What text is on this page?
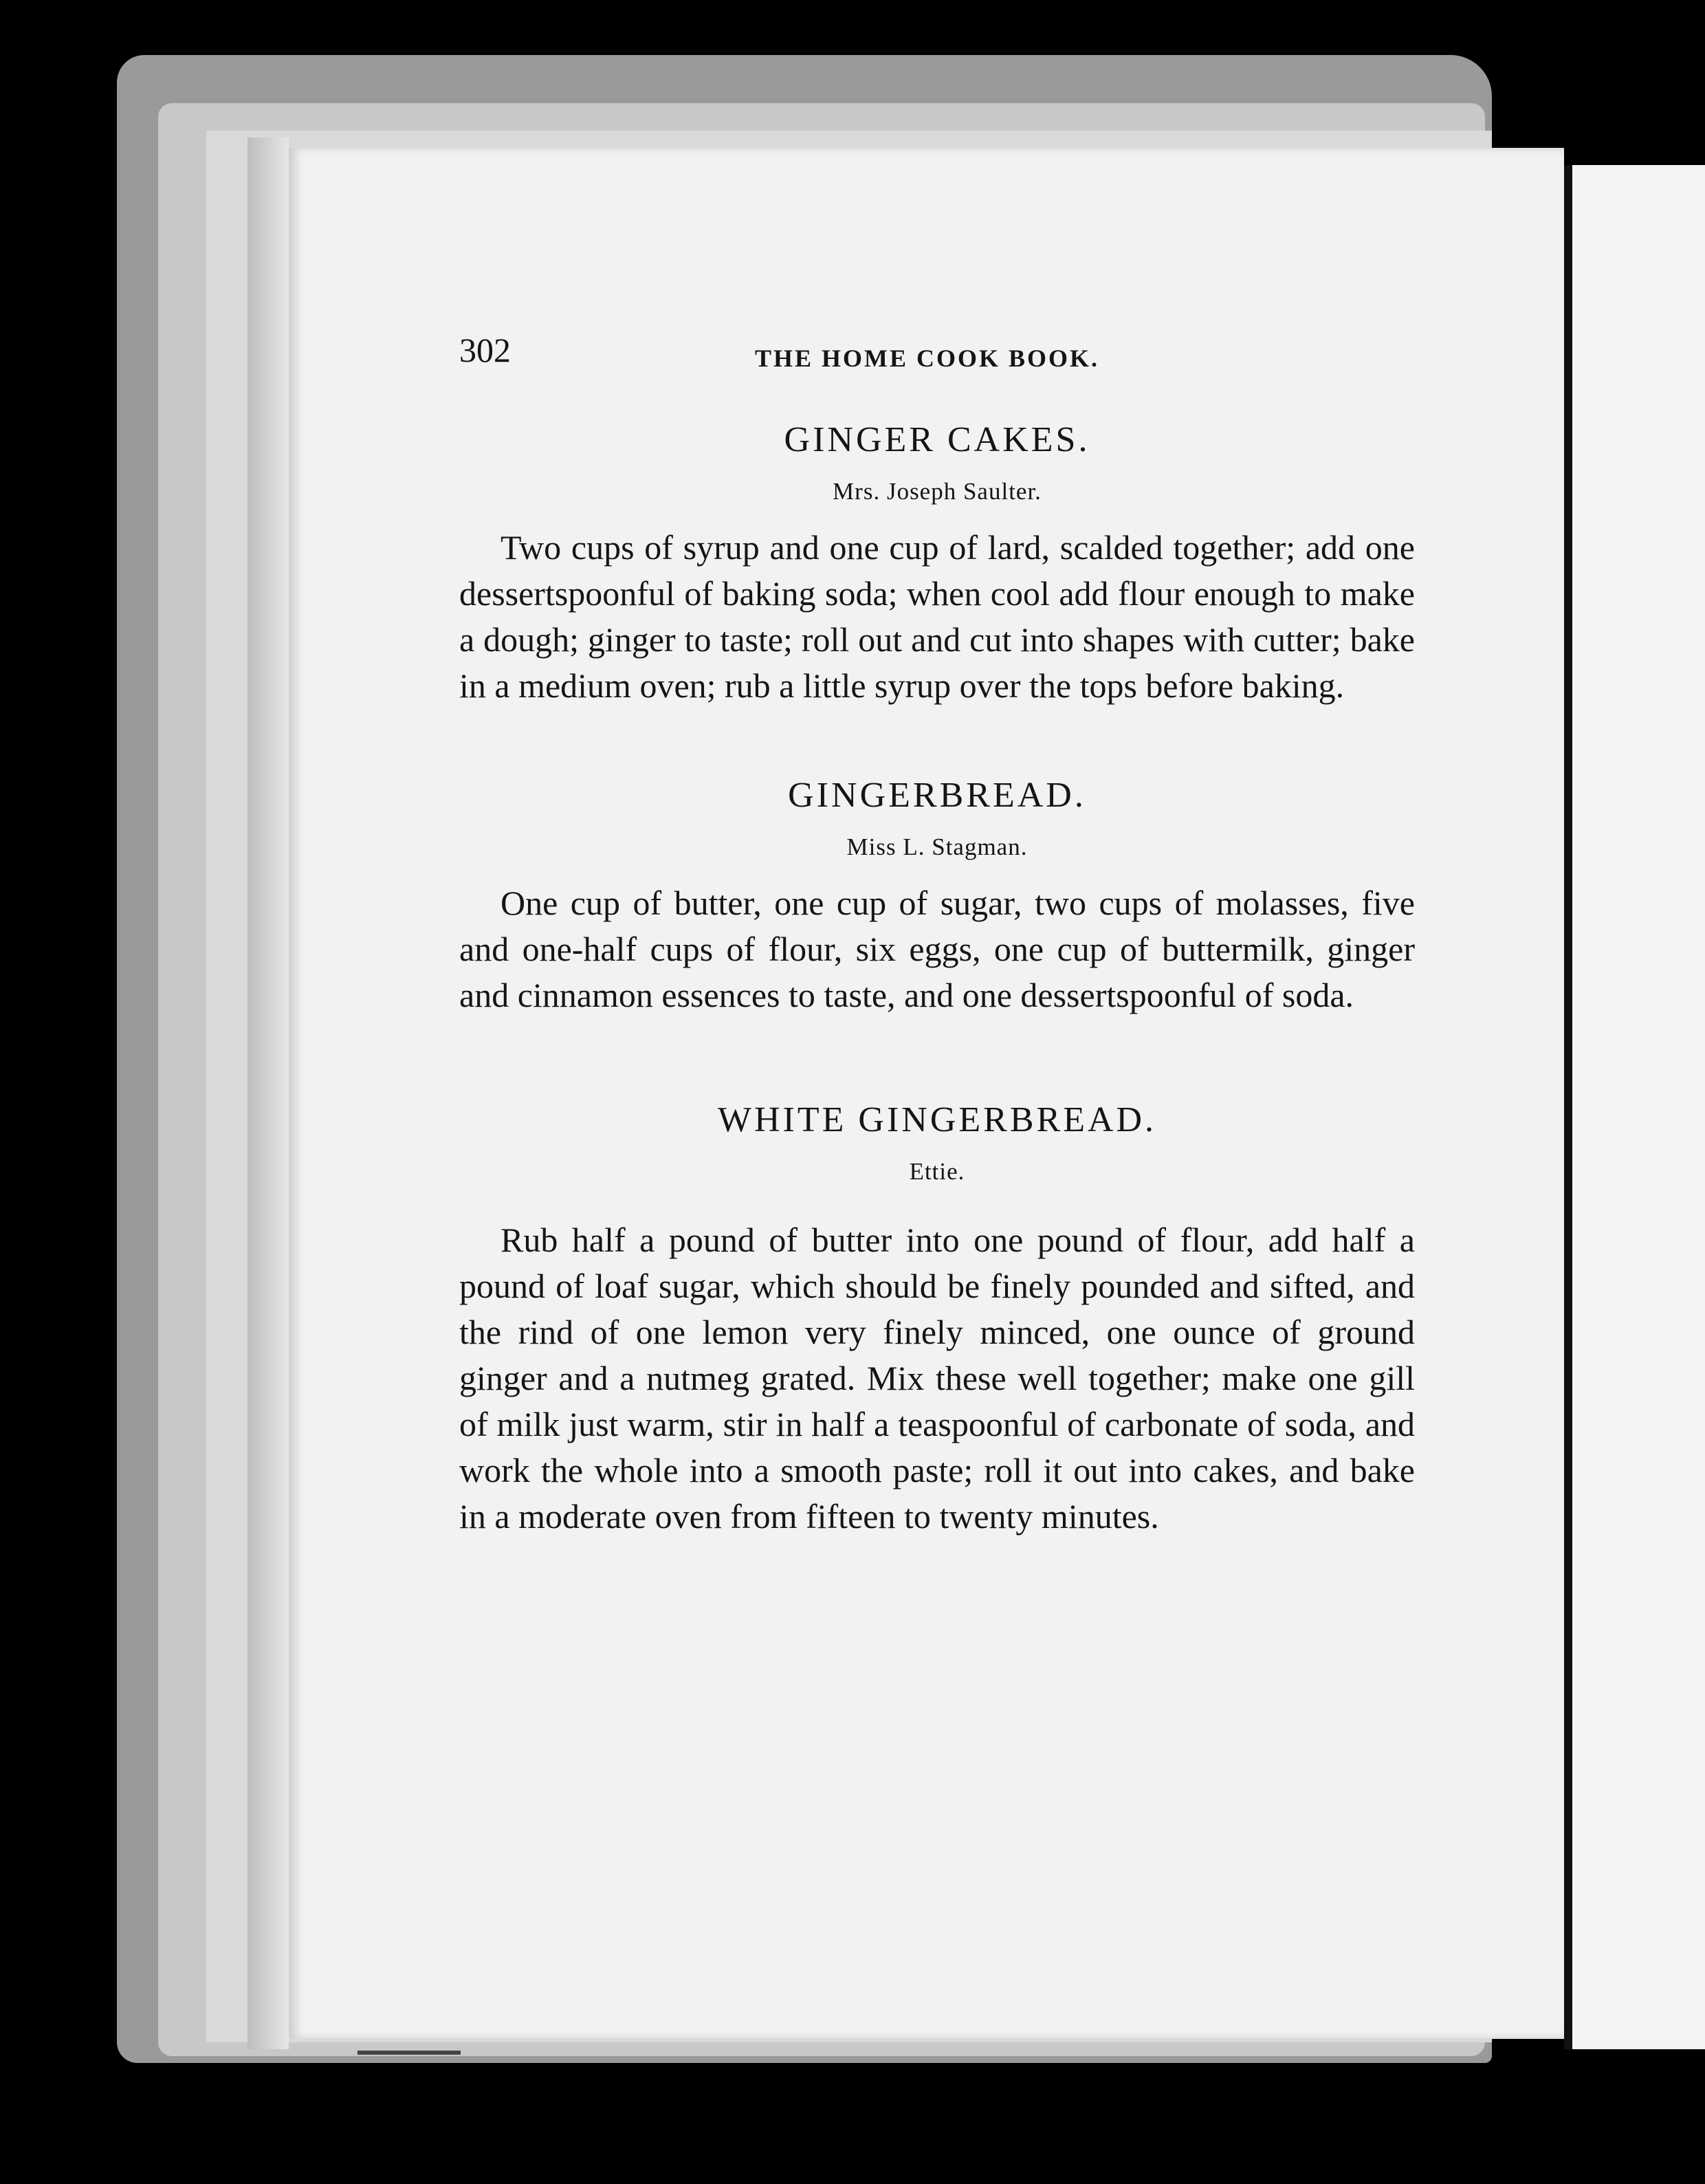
302	THE HOME COOK BOOK.
GINGER CAKES.
Mrs. Joseph Saulter.

Two cups of syrup and one cup of lard, scalded together; add one dessertspoonful of baking soda; when cool add flour enough to make a dough; ginger to taste; roll out and cut into shapes with cutter; bake in a medium oven; rub a little syrup over the tops before baking.

GINGERBREAD.
Miss L. Stagman.

One cup of butter, one cup of sugar, two cups of molasses, five and one-half cups of flour, six eggs, one cup of buttermilk, ginger and cinnamon essences to taste, and one dessertspoonful of soda.

WHITE GINGERBREAD.
Ettie.

Rub half a pound of butter into one pound of flour, add half a pound of loaf sugar, which should be finely pounded and sifted, and the rind of one lemon very finely minced, one ounce of ground ginger and a nutmeg grated. Mix these well together; make one gill of milk just warm, stir in half a teaspoonful of carbonate of soda, and work the whole into a smooth paste; roll it out into cakes, and bake in a moderate oven from fifteen to twenty minutes.
